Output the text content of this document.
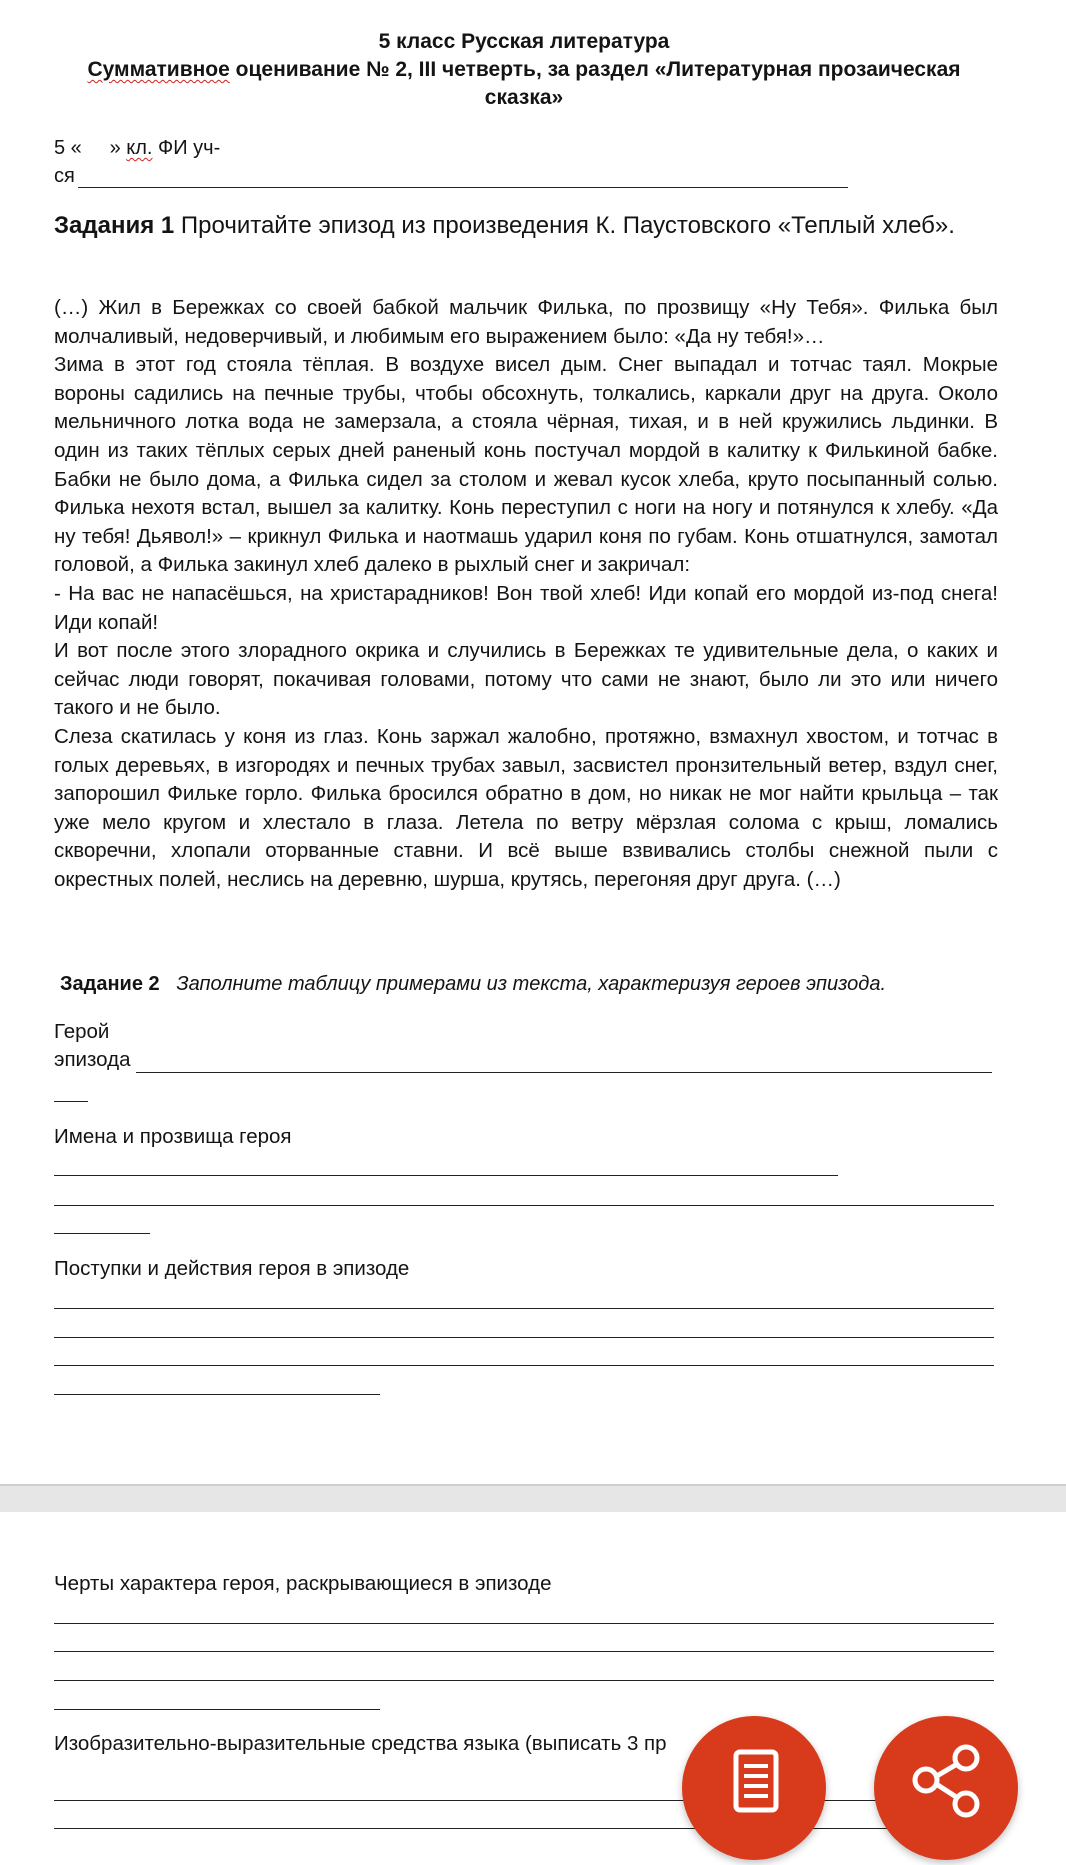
5 класс Русская литература
Суммативное оценивание № 2, III четверть, за раздел «Литературная прозаическая
сказка»
5 «     » кл. ФИ уч-
ся
Задания 1 Прочитайте эпизод из произведения К. Паустовского «Теплый хлеб».

(…) Жил в Бережках со своей бабкой мальчик Филька, по прозвищу «Ну Тебя». Филька был молчаливый, недоверчивый, и любимым его выражением было: «Да ну тебя!»…

Зима в этот год стояла тёплая. В воздухе висел дым. Снег выпадал и тотчас таял. Мокрые вороны садились на печные трубы, чтобы обсохнуть, толкались, каркали друг на друга. Около мельничного лотка вода не замерзала, а стояла чёрная, тихая, и в ней кружились льдинки. В один из таких тёплых серых дней раненый конь постучал мордой в калитку к Филькиной бабке. Бабки не было дома, а Филька сидел за столом и жевал кусок хлеба, круто посыпанный солью. Филька нехотя встал, вышел за калитку. Конь переступил с ноги на ногу и потянулся к хлебу. «Да ну тебя! Дьявол!» – крикнул Филька и наотмашь ударил коня по губам. Конь отшатнулся, замотал головой, а Филька закинул хлеб далеко в рыхлый снег и закричал:

- На вас не напасёшься, на христарадников! Вон твой хлеб! Иди копай его мордой из-под снега! Иди копай!

И вот после этого злорадного окрика и случились в Бережках те удивительные дела, о каких и сейчас люди говорят, покачивая головами, потому что сами не знают, было ли это или ничего такого и не было.

Слеза скатилась у коня из глаз. Конь заржал жалобно, протяжно, взмахнул хвостом, и тотчас в голых деревьях, в изгородях и печных трубах завыл, засвистел пронзительный ветер, вздул снег, запорошил Фильке горло. Филька бросился обратно в дом, но никак не мог найти крыльца – так уже мело кругом и хлестало в глаза. Летела по ветру мёрзлая солома с крыш, ломались скворечни, хлопали оторванные ставни. И всё выше взвивались столбы снежной пыли с окрестных полей, неслись на деревню, шурша, крутясь, перегоняя друг друга. (…)

Задание 2 Заполните таблицу примерами из текста, характеризуя героев эпизода.
Герой
эпизода
Имена и прозвища героя
Поступки и действия героя в эпизоде
Черты характера героя, раскрывающиеся в эпизоде
Изобразительно-выразительные средства языка (выписать 3 пр
